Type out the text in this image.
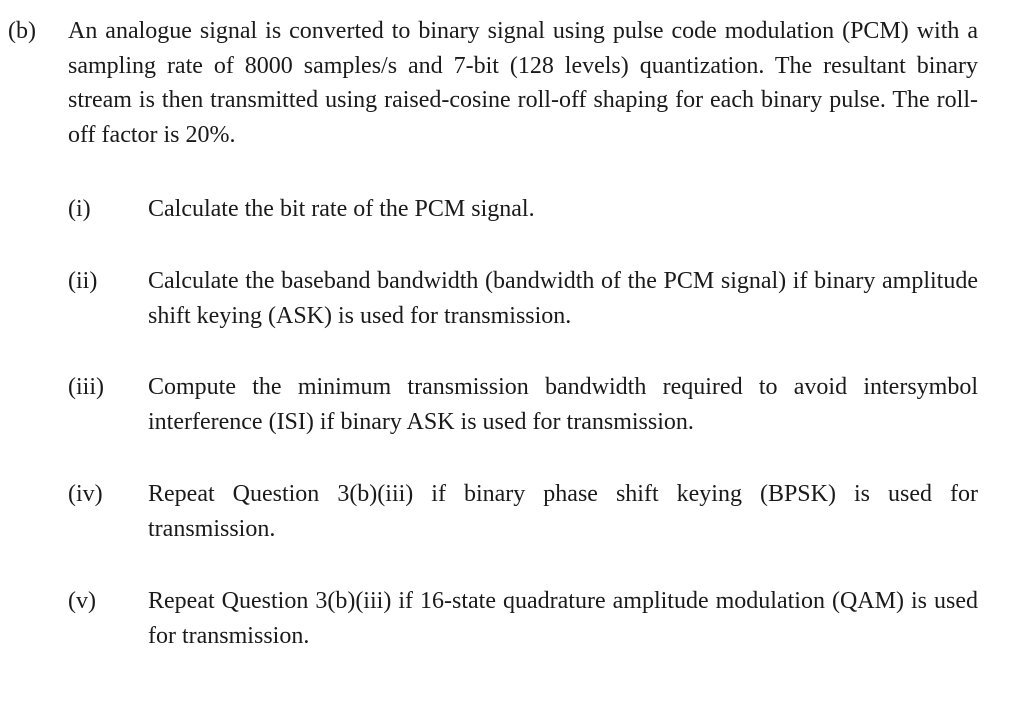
(b) An analogue signal is converted to binary signal using pulse code modulation (PCM) with a sampling rate of 8000 samples/s and 7-bit (128 levels) quantization. The resultant binary stream is then transmitted using raised-cosine roll-off shaping for each binary pulse. The roll-off factor is 20%.
(i) Calculate the bit rate of the PCM signal.
(ii) Calculate the baseband bandwidth (bandwidth of the PCM signal) if binary amplitude shift keying (ASK) is used for transmission.
(iii) Compute the minimum transmission bandwidth required to avoid intersymbol interference (ISI) if binary ASK is used for transmission.
(iv) Repeat Question 3(b)(iii) if binary phase shift keying (BPSK) is used for transmission.
(v) Repeat Question 3(b)(iii) if 16-state quadrature amplitude modulation (QAM) is used for transmission.
